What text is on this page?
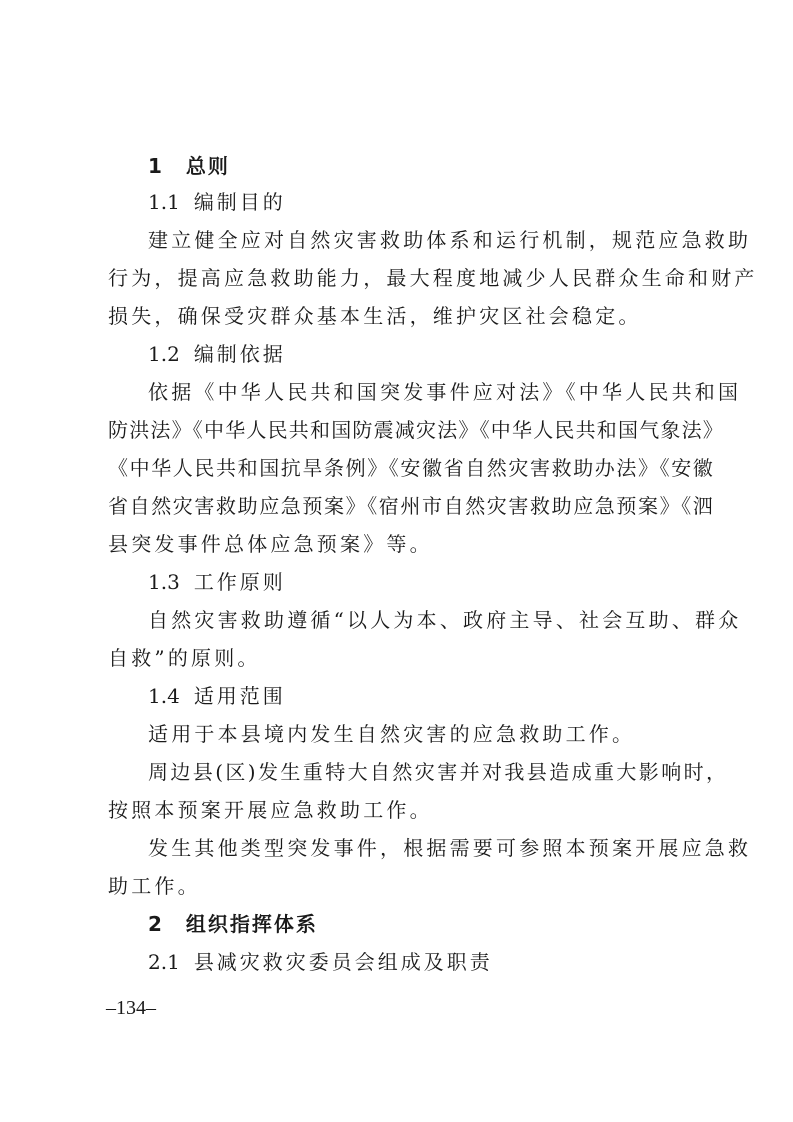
1 总则
1.1 编制目的
建立健全应对自然灾害救助体系和运行机制，规范应急救助
行为，提高应急救助能力，最大程度地减少人民群众生命和财产
损失，确保受灾群众基本生活，维护灾区社会稳定。
1.2 编制依据
依据《中华人民共和国突发事件应对法》《中华人民共和国
防洪法》《中华人民共和国防震减灾法》《中华人民共和国气象法》
《中华人民共和国抗旱条例》《安徽省自然灾害救助办法》《安徽
省自然灾害救助应急预案》《宿州市自然灾害救助应急预案》《泗
县突发事件总体应急预案》等。
1.3 工作原则
自然灾害救助遵循“以人为本、政府主导、社会互助、群众
自救”的原则。
1.4 适用范围
适用于本县境内发生自然灾害的应急救助工作。
周边县(区)发生重特大自然灾害并对我县造成重大影响时，
按照本预案开展应急救助工作。
发生其他类型突发事件，根据需要可参照本预案开展应急救
助工作。
2 组织指挥体系
2.1 县减灾救灾委员会组成及职责
–134–
